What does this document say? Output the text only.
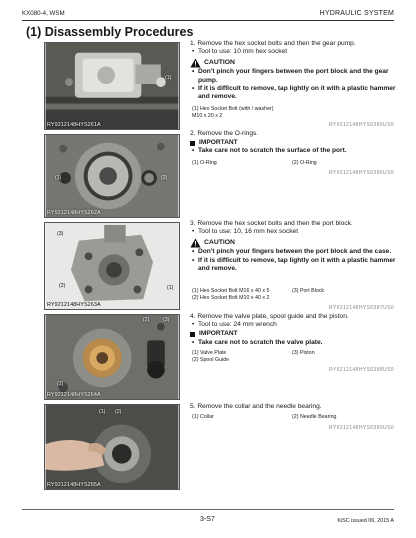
KX080-4, WSM	HYDRAULIC SYSTEM
(1) Disassembly Procedures
(1)
RY9212148HYS261A
(1)	(2)
RY9212148HYS262A
(3)
(2)	(1)
RY9212148HYS263A
(2)	(3)
(1)
RY9212148HYS264A
(1) (2)
RY9212148HYS265A
1. Remove the hex socket bolts and then the gear pump.
• Tool to use: 10 mm hex socket
CAUTION
• Don't pinch your fingers between the port block and the gear pump.
• If it is difficult to remove, tap lightly on it with a plastic hammer and remove.
(1) Hex Socket Bolt (with / washer)
M10 x 20 x 2
RY9212148HYS0385US0
2. Remove the O-rings.
IMPORTANT
• Take care not to scratch the surface of the port.
(1) O-Ring	(2) O-Ring
RY9212148HYS0386US0
3. Remove the hex socket bolts and then the port block.
• Tool to use: 10, 16 mm hex socket
CAUTION
• Don't pinch your fingers between the port block and the case.
• If it is difficult to remove, tap lightly on it with a plastic hammer and remove.
(1) Hex Socket Bolt M16 x 40 x 5	(3) Port Block
(2) Hex Socket Bolt M10 x 40 x 2
RY9212148HYS0387US0
4. Remove the valve plate, spool guide and the piston.
• Tool to use: 24 mm wrench
IMPORTANT
• Take care not to scratch the valve plate.
(1) Valve Plate	(3) Piston
(2) Spool Guide
RY9212148HYS0388US0
5. Remove the collar and the needle bearing.
(1) Collar	(2) Needle Bearing
RY9212148HYS0389US0
3-S7	KiSC issued 06, 2015 A
